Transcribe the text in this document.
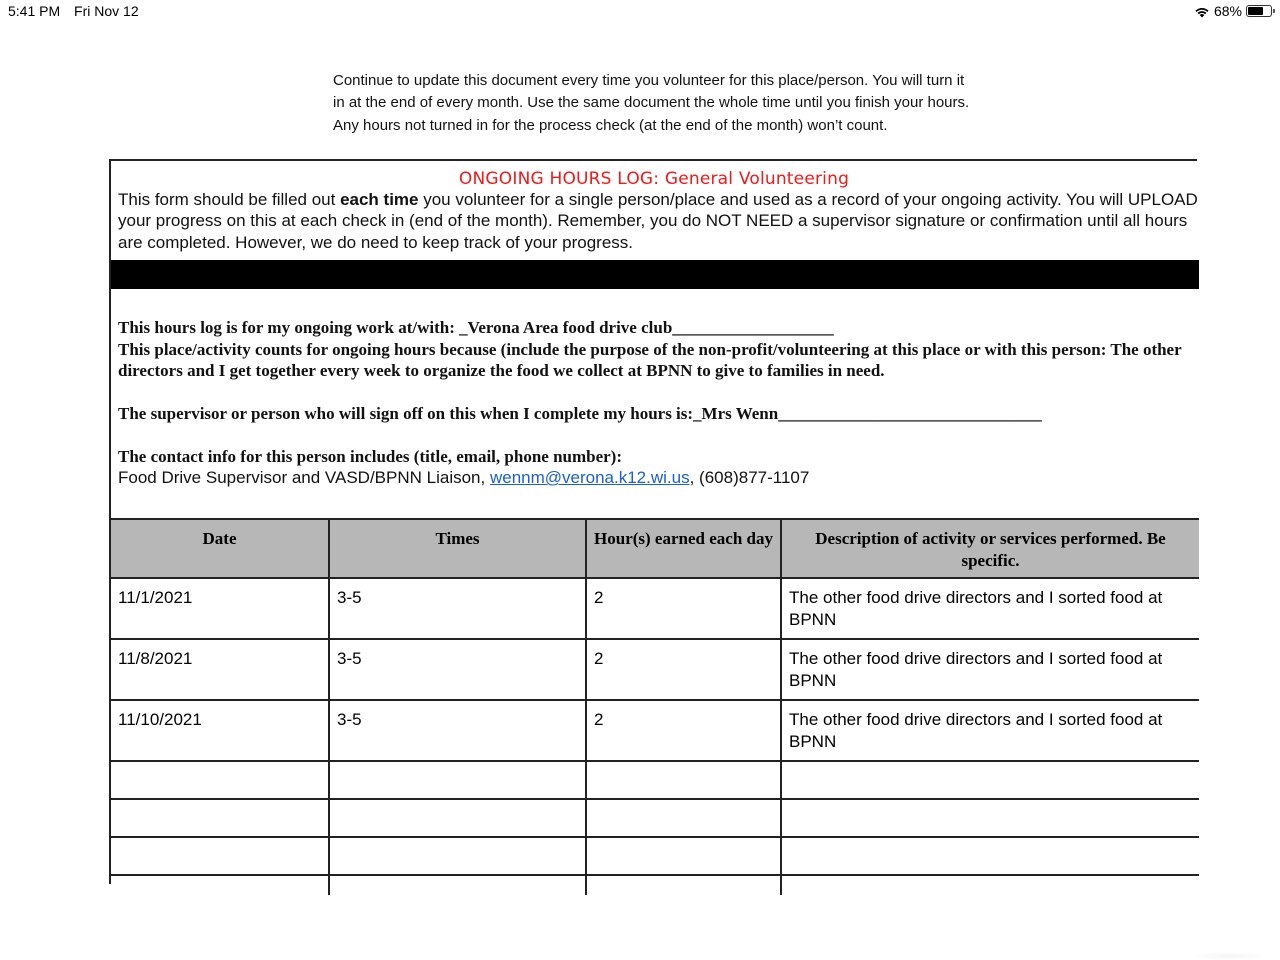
5:41 PM Fri Nov 12	68%
Continue to update this document every time you volunteer for this place/person. You will turn it in at the end of every month. Use the same document the whole time until you finish your hours. Any hours not turned in for the process check (at the end of the month) won’t count.
ONGOING HOURS LOG: General Volunteering
This form should be filled out each time you volunteer for a single person/place and used as a record of your ongoing activity. You will UPLOAD your progress on this at each check in (end of the month). Remember, you do NOT NEED a supervisor signature or confirmation until all hours are completed. However, we do need to keep track of your progress.
This hours log is for my ongoing work at/with: _Verona Area food drive club___________________
This place/activity counts for ongoing hours because (include the purpose of the non-profit/volunteering at this place or with this person: The other directors and I get together every week to organize the food we collect at BPNN to give to families in need.
The supervisor or person who will sign off on this when I complete my hours is:_Mrs Wenn_______________________________
The contact info for this person includes (title, email, phone number):
Food Drive Supervisor and VASD/BPNN Liaison, wennm@verona.k12.wi.us, (608)877-1107
Date	Times	Hour(s) earned each day	Description of activity or services performed. Be specific.
11/1/2021	3-5	2	The other food drive directors and I sorted food at BPNN
11/8/2021	3-5	2	The other food drive directors and I sorted food at BPNN
11/10/2021	3-5	2	The other food drive directors and I sorted food at BPNN
